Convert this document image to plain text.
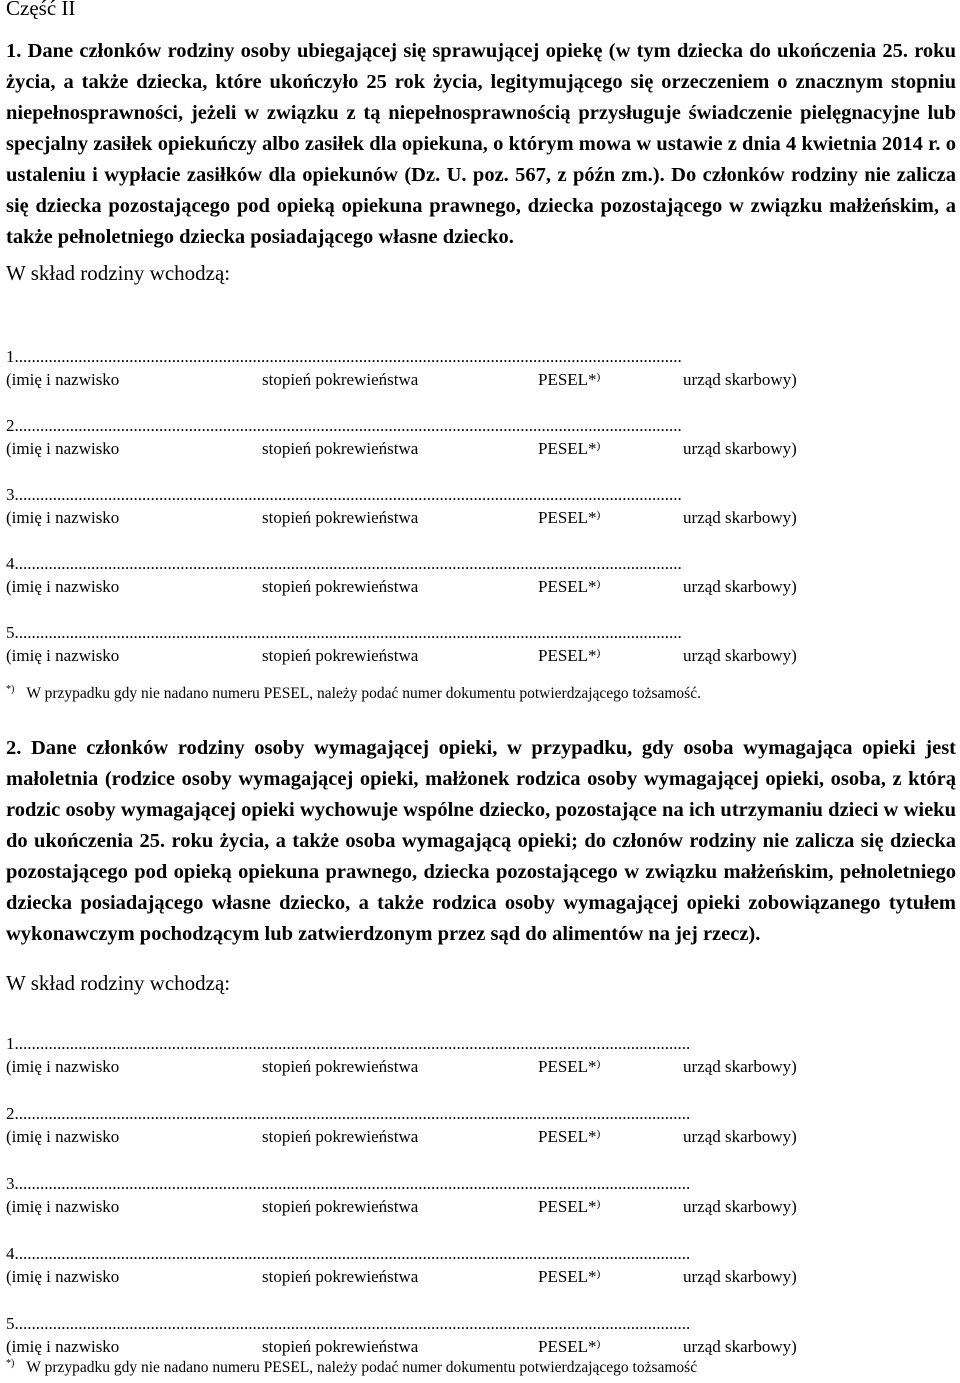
Część II
1. Dane członków rodziny osoby ubiegającej się sprawującej opiekę (w tym dziecka do ukończenia 25. roku życia, a także dziecka, które ukończyło 25 rok życia, legitymującego się orzeczeniem o znacznym stopniu niepełnosprawności, jeżeli w związku z tą niepełnosprawnością przysługuje świadczenie pielęgnacyjne lub specjalny zasiłek opiekuńczy albo zasiłek dla opiekuna, o którym mowa w ustawie z dnia 4 kwietnia 2014 r. o ustaleniu i wypłacie zasiłków dla opiekunów (Dz. U. poz. 567, z późn zm.). Do członków rodziny nie zalicza się dziecka pozostającego pod opieką opiekuna prawnego, dziecka pozostającego w związku małżeńskim, a także pełnoletniego dziecka posiadającego własne dziecko.
W skład rodziny wchodzą:
1.............................................................................................................................................................
(imię i nazwisko	stopień pokrewieństwa	PESEL*)	urząd skarbowy)
2.............................................................................................................................................................
(imię i nazwisko	stopień pokrewieństwa	PESEL*)	urząd skarbowy)
3.............................................................................................................................................................
(imię i nazwisko	stopień pokrewieństwa	PESEL*)	urząd skarbowy)
4.............................................................................................................................................................
(imię i nazwisko	stopień pokrewieństwa	PESEL*)	urząd skarbowy)
5.............................................................................................................................................................
(imię i nazwisko	stopień pokrewieństwa	PESEL*)	urząd skarbowy)
*) W przypadku gdy nie nadano numeru PESEL, należy podać numer dokumentu potwierdzającego tożsamość.
2. Dane członków rodziny osoby wymagającej opieki, w przypadku, gdy osoba wymagająca opieki jest małoletnia (rodzice osoby wymagającej opieki, małżonek rodzica osoby wymagającej opieki, osoba, z którą rodzic osoby wymagającej opieki wychowuje wspólne dziecko, pozostające na ich utrzymaniu dzieci w wieku do ukończenia 25. roku życia, a także osoba wymagającą opieki; do członów rodziny nie zalicza się dziecka pozostającego pod opieką opiekuna prawnego, dziecka pozostającego w związku małżeńskim, pełnoletniego dziecka posiadającego własne dziecko, a także rodzica osoby wymagającej opieki zobowiązanego tytułem wykonawczym pochodzącym lub zatwierdzonym przez sąd do alimentów na jej rzecz).
W skład rodziny wchodzą:
1...............................................................................................................................................................
(imię i nazwisko	stopień pokrewieństwa	PESEL*)	urząd skarbowy)
2...............................................................................................................................................................
(imię i nazwisko	stopień pokrewieństwa	PESEL*)	urząd skarbowy)
3...............................................................................................................................................................
(imię i nazwisko	stopień pokrewieństwa	PESEL*)	urząd skarbowy)
4...............................................................................................................................................................
(imię i nazwisko	stopień pokrewieństwa	PESEL*)	urząd skarbowy)
5...............................................................................................................................................................
(imię i nazwisko	stopień pokrewieństwa	PESEL*)	urząd skarbowy)
*) W przypadku gdy nie nadano numeru PESEL, należy podać numer dokumentu potwierdzającego tożsamość
